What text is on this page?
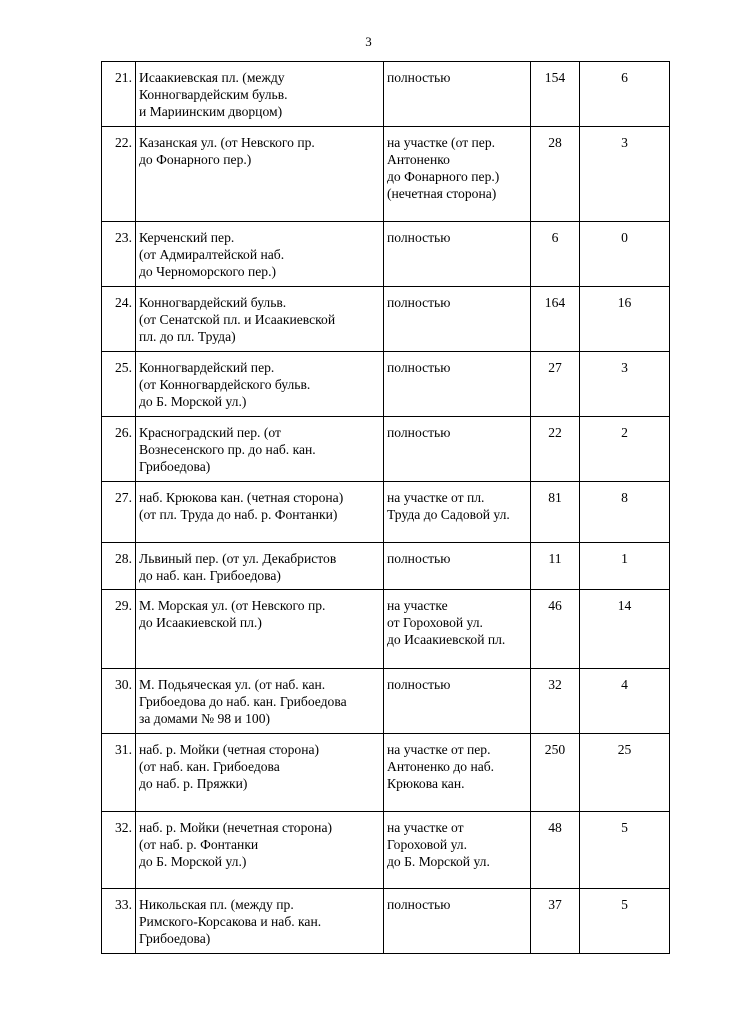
3
21.	Исаакиевская пл. (между
Конногвардейским бульв.
и Мариинским дворцом)	полностью	154	6
22.	Казанская ул. (от Невского пр.
до Фонарного пер.)	на участке (от пер.
Антоненко
до Фонарного пер.)
(нечетная сторона)	28	3
23.	Керченский пер.
(от Адмиралтейской наб.
до Черноморского пер.)	полностью	6	0
24.	Конногвардейский бульв.
(от Сенатской пл. и Исаакиевской
пл. до пл. Труда)	полностью	164	16
25.	Конногвардейский пер.
(от Конногвардейского бульв.
до Б. Морской ул.)	полностью	27	3
26.	Красноградский пер. (от
Вознесенского пр. до наб. кан.
Грибоедова)	полностью	22	2
27.	наб. Крюкова кан. (четная сторона)
(от пл. Труда до наб. р. Фонтанки)	на участке от пл.
Труда до Садовой ул.	81	8
28.	Львиный пер. (от ул. Декабристов
до наб. кан. Грибоедова)	полностью	11	1
29.	М. Морская ул. (от Невского пр.
до Исаакиевской пл.)	на участке
от Гороховой ул.
до Исаакиевской пл.	46	14
30.	М. Подьяческая ул. (от наб. кан.
Грибоедова до наб. кан. Грибоедова
за домами № 98 и 100)	полностью	32	4
31.	наб. р. Мойки (четная сторона)
(от наб. кан. Грибоедова
до наб. р. Пряжки)	на участке от пер.
Антоненко до наб.
Крюкова кан.	250	25
32.	наб. р. Мойки (нечетная сторона)
(от наб. р. Фонтанки
до Б. Морской ул.)	на участке от
Гороховой ул.
до Б. Морской ул.	48	5
33.	Никольская пл. (между пр.
Римского-Корсакова и наб. кан.
Грибоедова)	полностью	37	5
